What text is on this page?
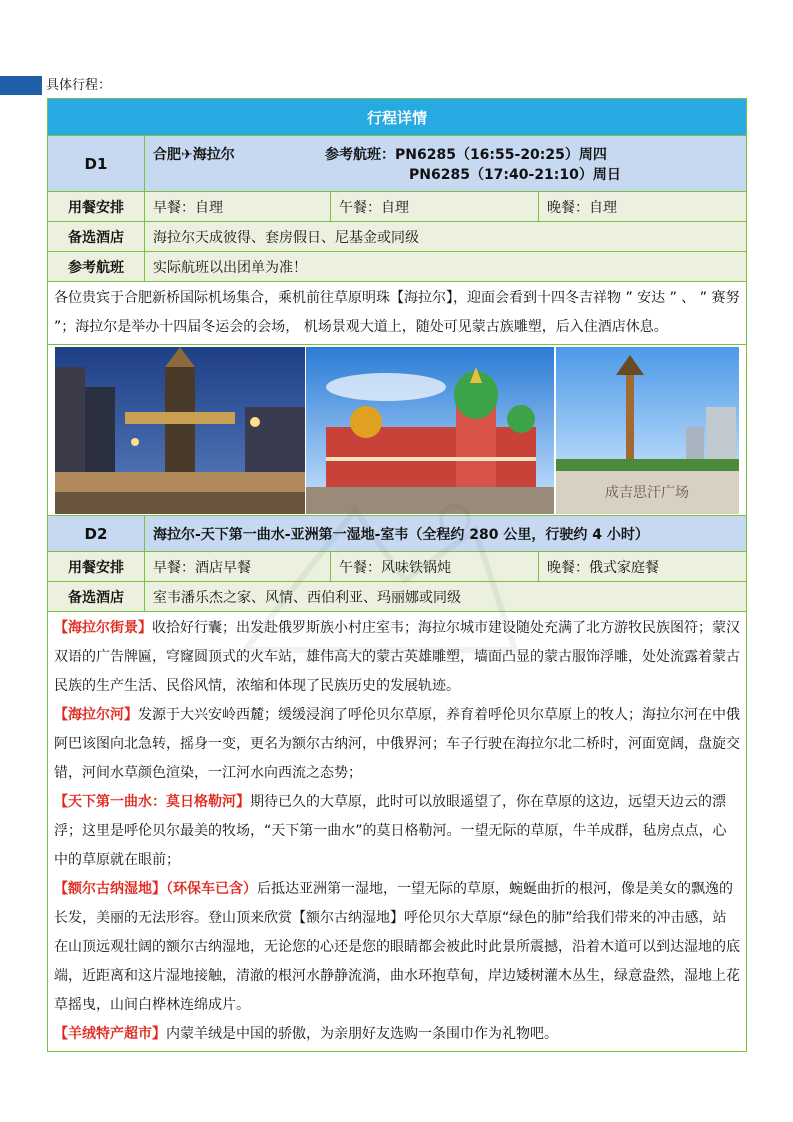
具体行程：
行程详情			
D1	合肥✈海拉尔 参考航班：PN6285（16:55-20:25）周四
PN6285（17:40-21:10）周日		

用餐安排	早餐：自理	午餐：自理	晚餐：自理
备选酒店	海拉尔天成彼得、套房假日、尼基金或同级		
参考航班	实际航班以出团单为准！		
各位贵宾于合肥新桥国际机场集合，乘机前往草原明珠【海拉尔】，迎面会看到十四冬吉祥物 ” 安达 ” 、 ” 赛努 ”；海拉尔是举办十四届冬运会的会场， 机场景观大道上，随处可见蒙古族雕塑，后入住酒店休息。			

成吉思汗广场			

D2	海拉尔-天下第一曲水-亚洲第一湿地-室韦（全程约 280 公里，行驶约 4 小时）		
用餐安排	早餐：酒店早餐	午餐：风味铁锅炖	晚餐：俄式家庭餐
备选酒店	室韦潘乐杰之家、风情、西伯利亚、玛丽娜或同级		

【海拉尔街景】收拾好行囊；出发赴俄罗斯族小村庄室韦；海拉尔城市建设随处充满了北方游牧民族图符；蒙汉双语的广告牌匾，穹窿圆顶式的火车站，雄伟高大的蒙古英雄雕塑，墙面凸显的蒙古服饰浮雕，处处流露着蒙古民族的生产生活、民俗风情，浓缩和体现了民族历史的发展轨迹。
【海拉尔河】发源于大兴安岭西麓；缓缓浸润了呼伦贝尔草原，养育着呼伦贝尔草原上的牧人；海拉尔河在中俄阿巴该图向北急转，摇身一变，更名为额尔古纳河，中俄界河；车子行驶在海拉尔北二桥时，河面宽阔，盘旋交错，河间水草颜色渲染，一江河水向西流之态势；
【天下第一曲水：莫日格勒河】期待已久的大草原，此时可以放眼遥望了，你在草原的这边，远望天边云的漂浮；这里是呼伦贝尔最美的牧场，“天下第一曲水”的莫日格勒河。一望无际的草原，牛羊成群，毡房点点，心中的草原就在眼前；
【额尔古纳湿地】（环保车已含）后抵达亚洲第一湿地，一望无际的草原，蜿蜒曲折的根河，像是美女的飘逸的长发，美丽的无法形容。登山顶来欣赏【额尔古纳湿地】呼伦贝尔大草原“绿色的肺”给我们带来的冲击感，站在山顶远观壮阔的额尔古纳湿地，无论您的心还是您的眼睛都会被此时此景所震撼，沿着木道可以到达湿地的底端，近距离和这片湿地接触，清澈的根河水静静流淌，曲水环抱草甸，岸边矮树灌木丛生，绿意盎然，湿地上花草摇曳，山间白桦林连绵成片。
【羊绒特产超市】内蒙羊绒是中国的骄傲，为亲朋好友选购一条围巾作为礼物吧。			
